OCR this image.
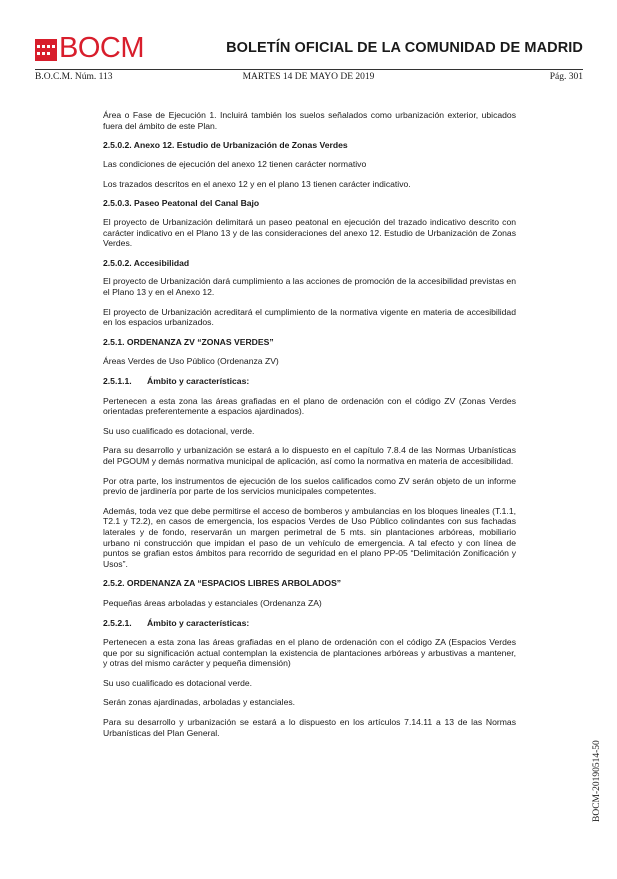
BOCM	BOLETÍN OFICIAL DE LA COMUNIDAD DE MADRID
B.O.C.M. Núm. 113	MARTES 14 DE MAYO DE 2019	Pág. 301

Área o Fase de Ejecución 1. Incluirá también los suelos señalados como urbanización exterior, ubicados fuera del ámbito de este Plan.

2.5.0.2. Anexo 12. Estudio de Urbanización de Zonas Verdes

Las condiciones de ejecución del anexo 12 tienen carácter normativo

Los trazados descritos en el anexo 12 y en el plano 13 tienen carácter indicativo.

2.5.0.3. Paseo Peatonal del Canal Bajo

El proyecto de Urbanización delimitará un paseo peatonal en ejecución del trazado indicativo descrito con carácter indicativo en el Plano 13 y de las consideraciones del anexo 12. Estudio de Urbanización de Zonas Verdes.

2.5.0.2. Accesibilidad

El proyecto de Urbanización dará cumplimiento a las acciones de promoción de la accesibilidad previstas en el Plano 13 y en el Anexo 12.

El proyecto de Urbanización acreditará el cumplimiento de la normativa vigente en materia de accesibilidad en los espacios urbanizados.

2.5.1. ORDENANZA ZV “ZONAS VERDES”

Áreas Verdes de Uso Público (Ordenanza ZV)

2.5.1.1. Ámbito y características:

Pertenecen a esta zona las áreas grafiadas en el plano de ordenación con el código ZV (Zonas Verdes orientadas preferentemente a espacios ajardinados).

Su uso cualificado es dotacional, verde.

Para su desarrollo y urbanización se estará a lo dispuesto en el capítulo 7.8.4 de las Normas Urbanísticas del PGOUM y demás normativa municipal de aplicación, así como la normativa en materia de accesibilidad.

Por otra parte, los instrumentos de ejecución de los suelos calificados como ZV serán objeto de un informe previo de jardinería por parte de los servicios municipales competentes.

Además, toda vez que debe permitirse el acceso de bomberos y ambulancias en los bloques lineales (T.1.1, T2.1 y T2.2), en casos de emergencia, los espacios Verdes de Uso Público colindantes con sus fachadas laterales y de fondo, reservarán un margen perimetral de 5 mts. sin plantaciones arbóreas, mobiliario urbano ni construcción que impidan el paso de un vehículo de emergencia. A tal efecto y con línea de puntos se grafian estos ámbitos para recorrido de seguridad en el plano PP-05 “Delimitación Zonificación y Usos”.

2.5.2. ORDENANZA ZA “ESPACIOS LIBRES ARBOLADOS”

Pequeñas áreas arboladas y estanciales (Ordenanza ZA)

2.5.2.1. Ámbito y características:

Pertenecen a esta zona las áreas grafiadas en el plano de ordenación con el código ZA (Espacios Verdes que por su significación actual contemplan la existencia de plantaciones arbóreas y arbustivas a mantener, y otras del mismo carácter y pequeña dimensión)

Su uso cualificado es dotacional verde.

Serán zonas ajardinadas, arboladas y estanciales.

Para su desarrollo y urbanización se estará a lo dispuesto en los artículos 7.14.11 a 13 de las Normas Urbanísticas del Plan General.

BOCM-20190514-50
